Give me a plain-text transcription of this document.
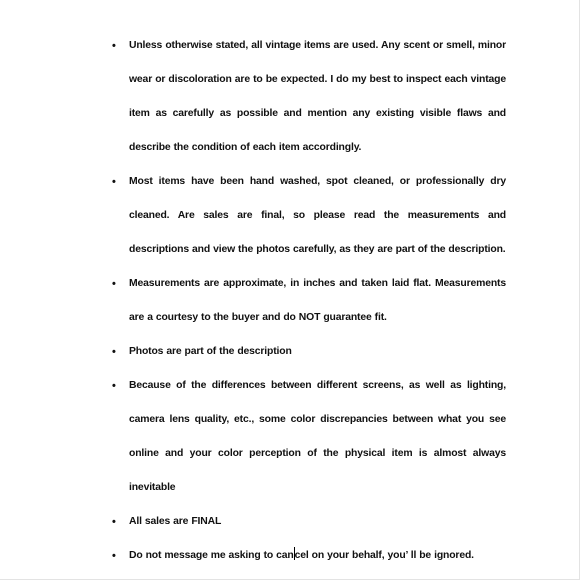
• Unless otherwise stated, all vintage items are used. Any scent or smell, minor wear or discoloration are to be expected. I do my best to inspect each vintage item as carefully as possible and mention any existing visible flaws and describe the condition of each item accordingly.
• Most items have been hand washed, spot cleaned, or professionally dry cleaned. Are sales are final, so please read the measurements and descriptions and view the photos carefully, as they are part of the description.
• Measurements are approximate, in inches and taken laid flat. Measurements are a courtesy to the buyer and do NOT guarantee fit.
• Photos are part of the description
• Because of the differences between different screens, as well as lighting, camera lens quality, etc., some color discrepancies between what you see online and your color perception of the physical item is almost always inevitable
• All sales are FINAL
• Do not message me asking to cancel on your behalf, you’ ll be ignored.
